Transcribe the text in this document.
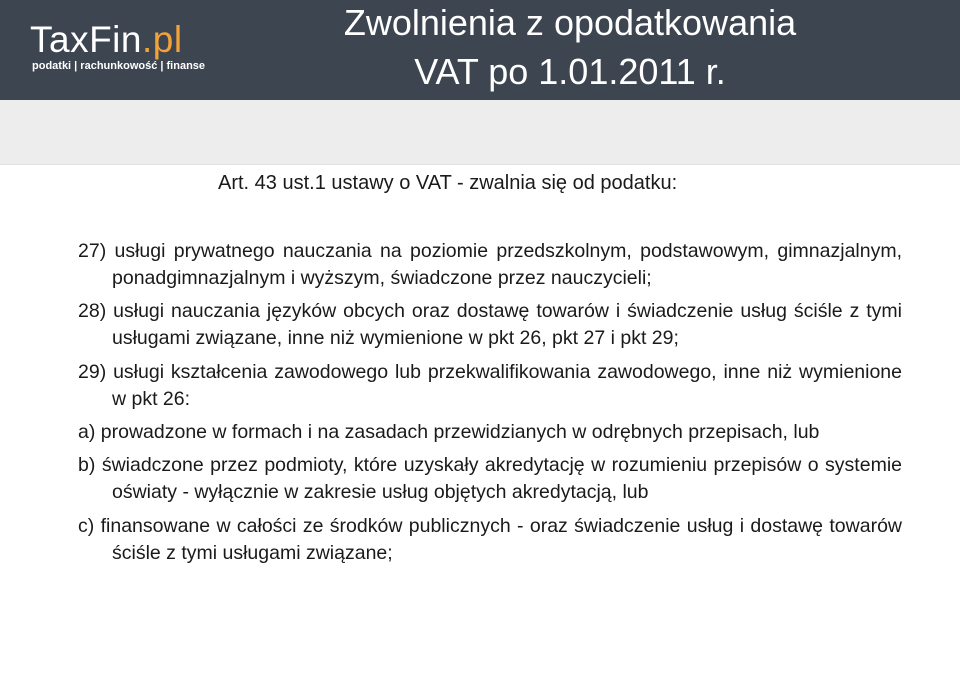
TaxFin.pl
podatki | rachunkowość | finanse
Zwolnienia z opodatkowania
VAT po 1.01.2011 r.
Art. 43 ust.1 ustawy o VAT - zwalnia się od podatku:

27) usługi prywatnego nauczania na poziomie przedszkolnym, podstawowym, gimnazjalnym, ponadgimnazjalnym i wyższym, świadczone przez nauczycieli;

28) usługi nauczania języków obcych oraz dostawę towarów i świadczenie usług ściśle z tymi usługami związane, inne niż wymienione w pkt 26, pkt 27 i pkt 29;

29) usługi kształcenia zawodowego lub przekwalifikowania zawodowego, inne niż wymienione w pkt 26:

a) prowadzone w formach i na zasadach przewidzianych w odrębnych przepisach, lub

b) świadczone przez podmioty, które uzyskały akredytację w rozumieniu przepisów o systemie oświaty - wyłącznie w zakresie usług objętych akredytacją, lub

c) finansowane w całości ze środków publicznych - oraz świadczenie usług i dostawę towarów ściśle z tymi usługami związane;
